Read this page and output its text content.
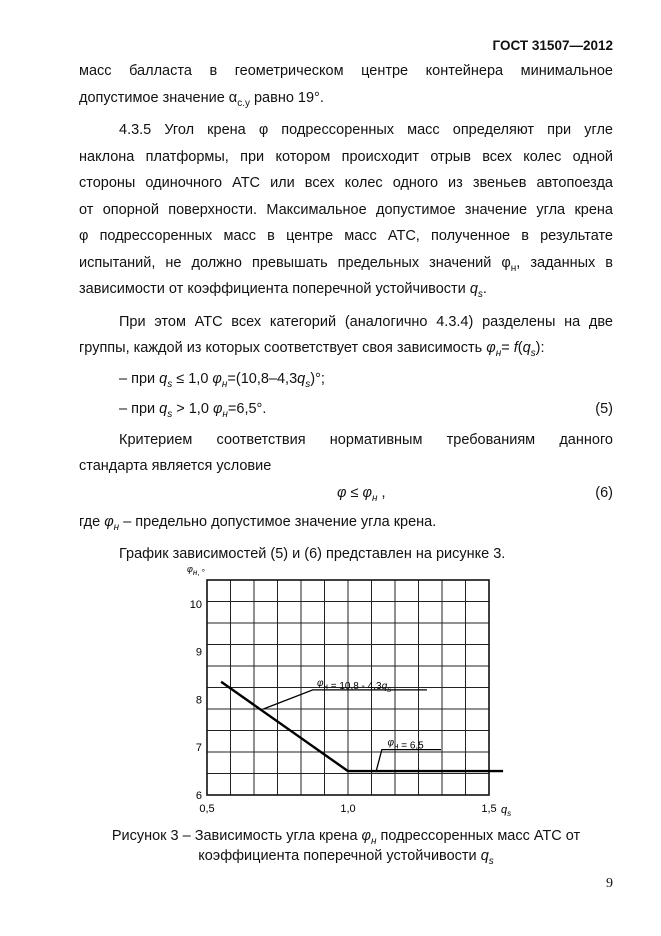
ГОСТ 31507—2012

масс балласта в геометрическом центре контейнера минимальное

допустимое значение $\alpha_{с.у}$ равно 19°.

4.3.5 Угол крена φ подрессоренных масс определяют при угле

наклона платформы, при котором происходит отрыв всех колес одной

стороны одиночного АТС или всех колес одного из звеньев автопоезда

от опорной поверхности. Максимальное допустимое значение угла крена

φ подрессоренных масс в центре масс АТС, полученное в результате

испытаний, не должно превышать предельных значений $\varphi_н$, заданных в

зависимости от коэффициента поперечной устойчивости $q_s$.

При этом АТС всех категорий (аналогично 4.3.4) разделены на две

группы, каждой из которых соответствует своя зависимость $\varphi_н= f(q_s)$:

– при $q_s \le 1,0$ $\varphi_н=(10,8-4,3q_s)^\circ$;

– при $q_s > 1,0$ $\varphi_н=6,5^\circ$.	(5)

Критерием соответствия нормативным требованиям данного

стандарта является условие

$\varphi \le \varphi_н$ ,	(6)

где $\varphi_н$ – предельно допустимое значение угла крена.

График зависимостей (5) и (6) представлен на рисунке 3.

6
7
8
9
10
0,5	1,0	1,5
φн, °
$q_s$
$\varphi_н = 10,8 - 4,3q_s$
$\varphi_н = 6,5$
Рисунок 3 – Зависимость угла крена $\varphi_н$ подрессоренных масс АТС от
коэффициента поперечной устойчивости $q_s$
9
